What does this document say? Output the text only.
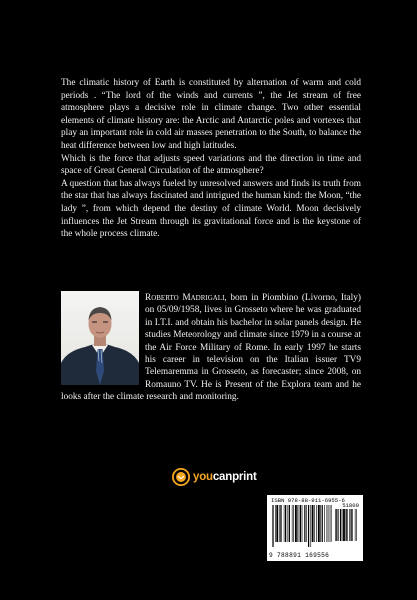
The climatic history of Earth is constituted by alternation of warm and cold periods . “The lord of the winds and currents ”, the Jet stream of free atmosphere plays a decisive role in climate change. Two other essential elements of climate history are: the Arctic and Antarctic poles and vortexes that play an important role in cold air masses penetration to the South, to balance the heat difference between low and high latitudes.

Which is the force that adjusts speed variations and the direction in time and space of Great General Circulation of the atmosphere?

A question that has always fueled by unresolved answers and finds its truth from the star that has always fascinated and intrigued the human kind: the Moon, “the lady ”, from which depend the destiny of climate World. Moon decisively influences the Jet Stream through its gravitational force and is the keystone of the whole process climate.

Roberto Madrigali, born in Piombino (Livorno, Italy) on 05/09/1958, lives in Grosseto where he was graduated in I.T.I. and obtain his bachelor in solar panels design. He studies Meteorology and climate since 1979 in a course at the Air Force Military of Rome. In early 1997 he starts his career in television on the Italian issuer TV9 Telemaremma in Grosseto, as forecaster; since 2008, on Romauno TV. He is Present of the Explora team and he looks after the climate research and monitoring.
youcanprint
ISBN 978-88-911-6955-6
51800
9 788891 169556
